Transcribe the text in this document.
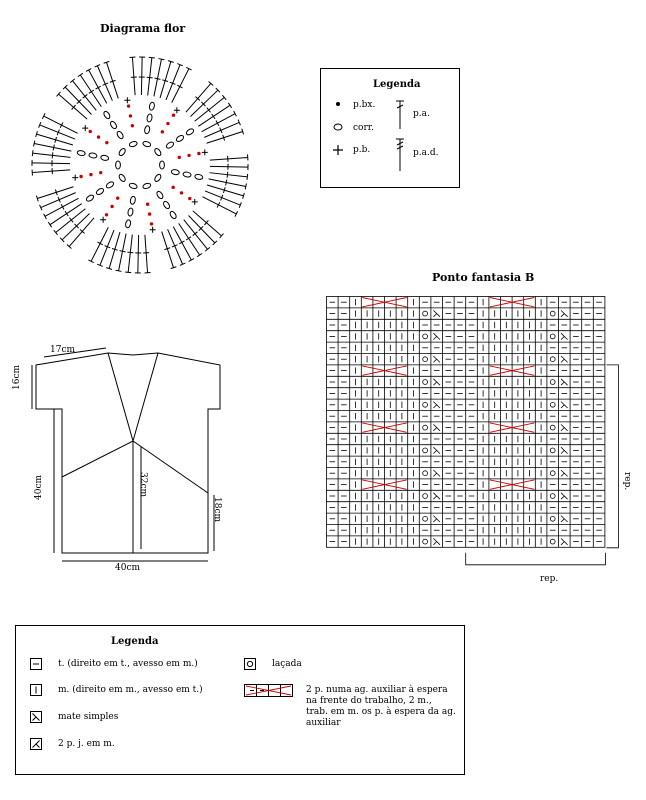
Diagrama flor
Legenda
p.bx.
corr.
p.b.
p.a.
p.a.d.
17cm
16cm
40cm	32cm
18cm
40cm
Ponto fantasia B
rep.
rep.
Legenda
t. (direito em t., avesso em m.)
m. (direito em m., avesso em t.)
mate simples
2 p. j. em m.
laçada
2 p. numa ag. auxiliar à espera na frente do trabalho, 2 m., trab. em m. os p. à espera da ag. auxiliar
